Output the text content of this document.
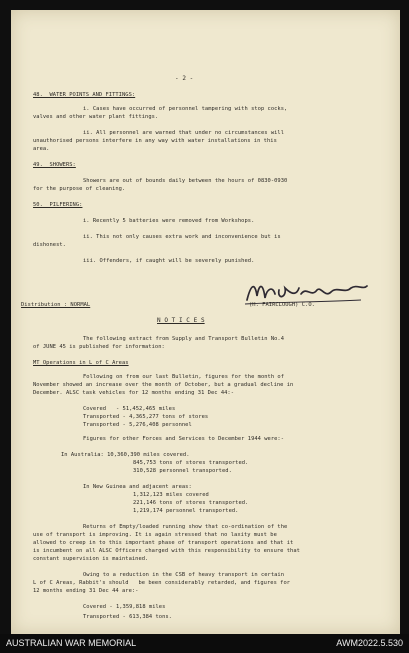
- 2 -

48.  WATER POINTS AND FITTINGS:

i. Cases have occurred of personnel tampering with stop cocks,

valves and other water plant fittings.

ii. All personnel are warned that under no circumstances will

unauthorised persons interfere in any way with water installations in this

area.

49.  SHOWERS:

Showers are out of bounds daily between the hours of 0830-0930

for the purpose of cleaning.

50.  PILFERING:

i. Recently 5 batteries were removed from Workshops.

ii. This not only causes extra work and inconvenience but is

dishonest.

iii. Offenders, if caught will be severely punished.

Distribution : NORMAL	(H. FAIRCLOUGH) C.O.

N O T I C E S

The following extract from Supply and Transport Bulletin No.4

of JUNE 45 is published for information:

MT Operations in L of C Areas

Following on from our last Bulletin, figures for the month of

November showed an increase over the month of October, but a gradual decline in

December. ALSC task vehicles for 12 months ending 31 Dec 44:-

Covered   - 51,452,465 miles

Transported - 4,365,277 tons of stores

Transported - 5,276,408 personnel

Figures for other Forces and Services to December 1944 were:-

In Australia: 10,360,390 miles covered.

845,753 tons of stores transported.

310,528 personnel transported.

In New Guinea and adjacent areas:

1,312,123 miles covered

221,146 tons of stores transported.

1,219,174 personnel transported.

Returns of Empty/loaded running show that co-ordination of the

use of transport is improving. It is again stressed that no laxity must be

allowed to creep in to this important phase of transport operations and that it

is incumbent on all ALSC Officers charged with this responsibility to ensure that

constant supervision is maintained.

Owing to a reduction in the CSB of heavy transport in certain

L of C Areas, Rabbit's should   be been considerably retarded, and figures for

12 months ending 31 Dec 44 are:-

Covered - 1,359,818 miles

Transported - 613,384 tons.

AUSTRALIAN WAR MEMORIAL	AWM2022.5.530
